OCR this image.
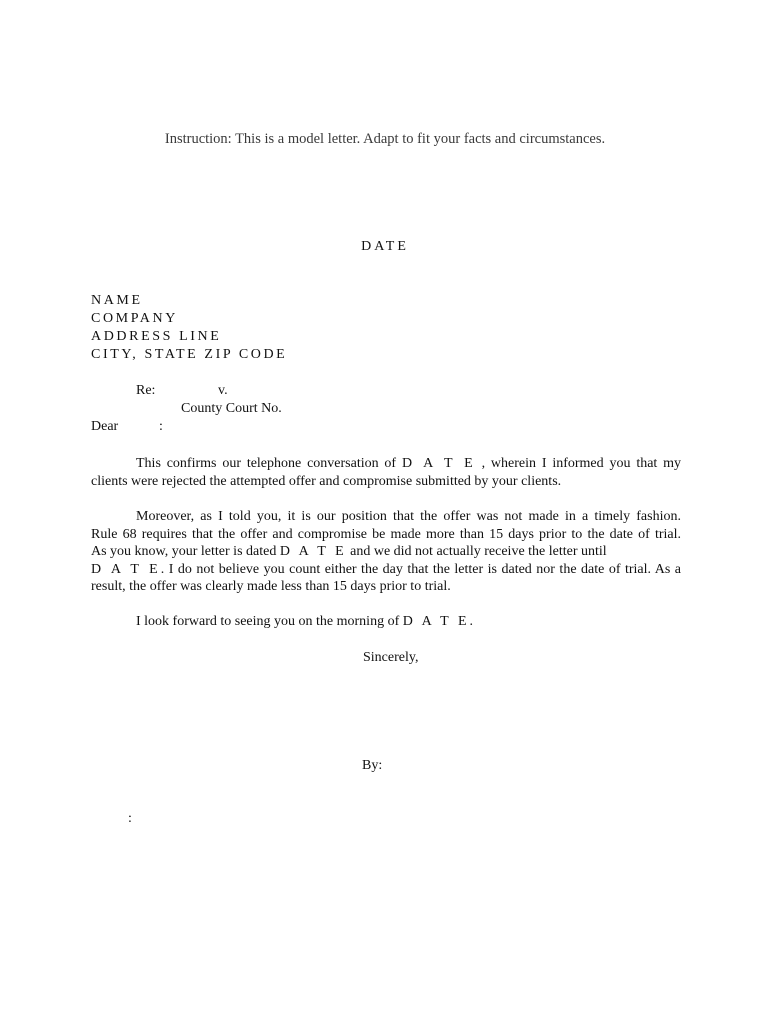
Instruction: This is a model letter. Adapt to fit your facts and circumstances.
DATE
NAME
COMPANY
ADDRESS LINE
CITY, STATE ZIP CODE
Re:	v.
County Court No.
Dear	:
This confirms our telephone conversation of D A T E , wherein I informed you that my
clients were rejected the attempted offer and compromise submitted by your clients.
Moreover, as I told you, it is our position that the offer was not made in a timely fashion.
Rule 68 requires that the offer and compromise be made more than 15 days prior to the date of trial.
As you know, your letter is dated D A T E and we did not actually receive the letter until
D A T E. I do not believe you count either the day that the letter is dated nor the date of trial. As a
result, the offer was clearly made less than 15 days prior to trial.
I look forward to seeing you on the morning of D A T E.
Sincerely,
By:
:
